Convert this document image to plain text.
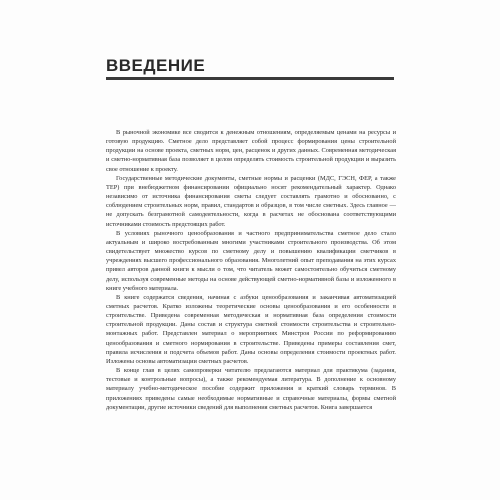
ВВЕДЕНИЕ

В рыночной экономике все сводится к денежным отношениям, определяемым ценами на ресурсы и готовую продукцию. Сметное дело представляет собой процесс формирования цены строительной продукции на основе проекта, сметных норм, цен, расценок и других данных. Современная методическая и сметно-нормативная база позволяет в целом определять стоимость строительной продукции и выразить свое отношение к проекту.

Государственные методические документы, сметные нормы и расценки (МДС, ГЭСН, ФЕР, а также ТЕР) при внебюджетном финансировании официально носят рекомендательный характер. Однако независимо от источника финансирования сметы следует составлять грамотно и обоснованно, с соблюдением строительных норм, правил, стандартов и образцов, в том числе сметных. Здесь главное — не допускать безграмотной самодеятельности, когда в расчетах не обоснована соответствующими источниками стоимость предстоящих работ.

В условиях рыночного ценообразования и частного предпринимательства сметное дело стало актуальным и широко востребованным многими участниками строительного производства. Об этом свидетельствует множество курсов по сметному делу и повышению квалификации сметчиков в учреждениях высшего профессионального образования. Многолетний опыт преподавания на этих курсах привел авторов данной книги к мысли о том, что читатель может самостоятельно обучиться сметному делу, используя современные методы на основе действующей сметно-нормативной базы и изложенного в книге учебного материала.

В книге содержатся сведения, начиная с азбуки ценообразования и заканчивая автоматизацией сметных расчетов. Кратко изложены теоретические основы ценообразования и его особенности в строительстве. Приведена современная методическая и нормативная база определения стоимости строительной продукции. Даны состав и структура сметной стоимости строительства и строительно-монтажных работ. Представлен материал о мероприятиях Минстроя России по реформированию ценообразования и сметного нормирования в строительстве. Приведены примеры составления смет, правила исчисления и подсчета объемов работ. Даны основы определения стоимости проектных работ. Изложены основы автоматизации сметных расчетов.

В конце глав в целях самопроверки читателю предлагаются материал для практикума (задания, тестовые и контрольные вопросы), а также рекомендуемая литература. В дополнение к основному материалу учебно-методическое пособие содержит приложения и краткий словарь терминов. В приложениях приведены самые необходимые нормативные и справочные материалы, формы сметной документации, другие источники сведений для выполнения сметных расчетов. Книга завершается
